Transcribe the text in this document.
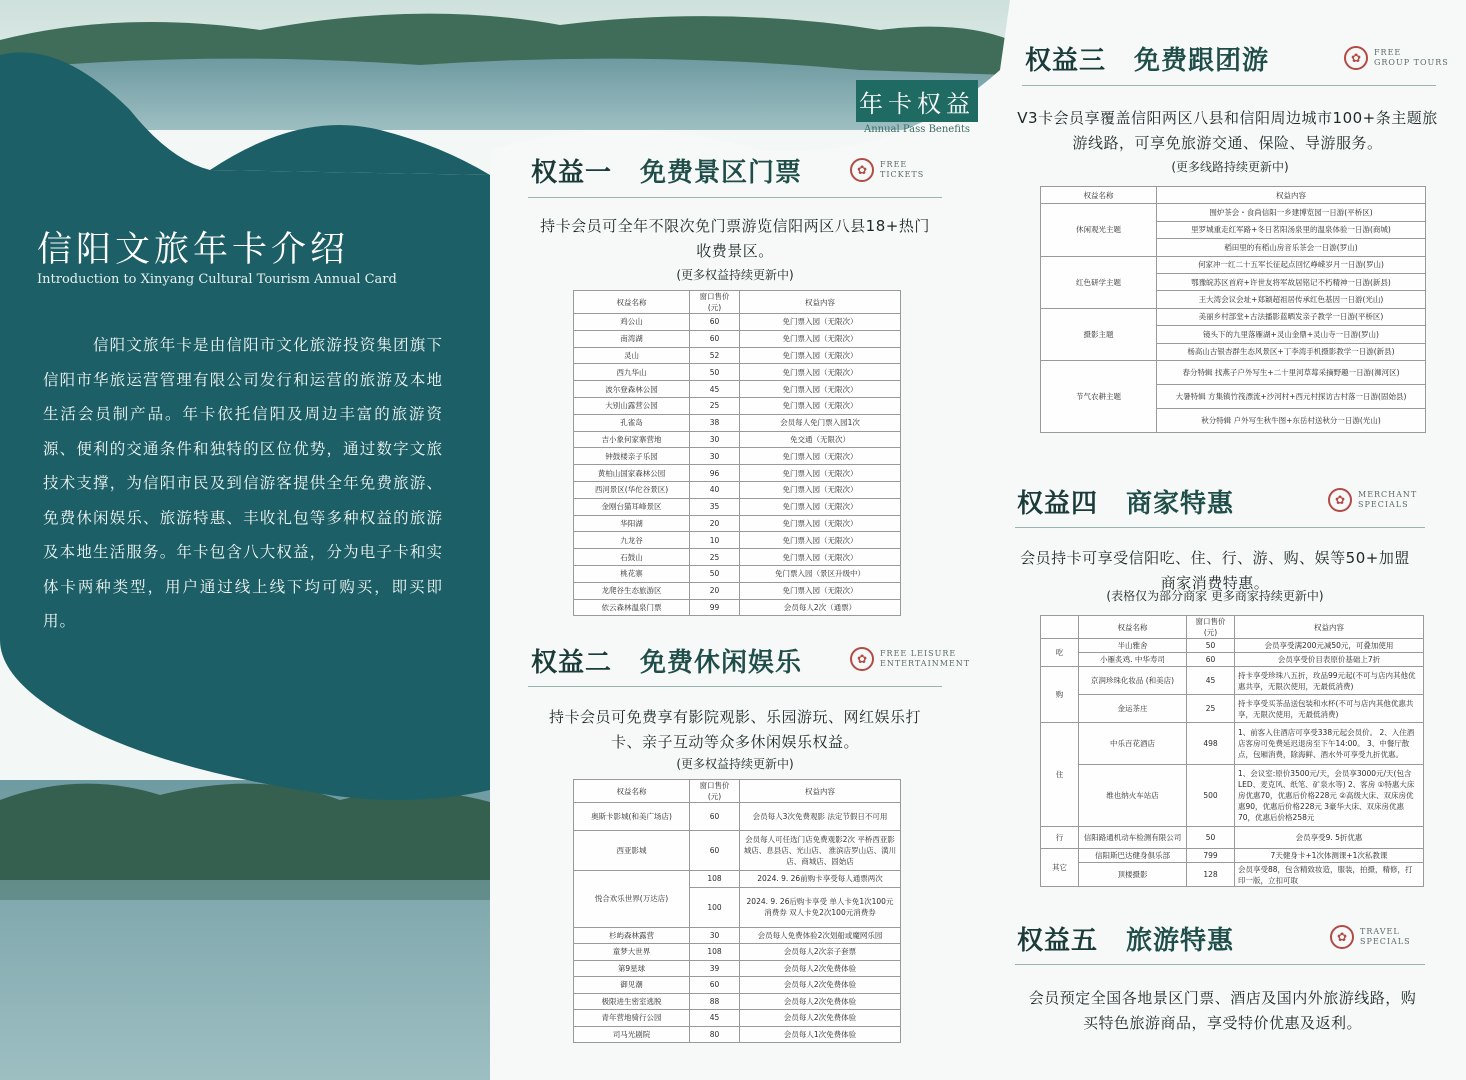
信阳文旅年卡介绍
Introduction to Xinyang Cultural Tourism Annual Card
信阳文旅年卡是由信阳市文化旅游投资集团旗下信阳市华旅运营管理有限公司发行和运营的旅游及本地生活会员制产品。年卡依托信阳及周边丰富的旅游资源、便利的交通条件和独特的区位优势，通过数字文旅技术支撑，为信阳市民及到信游客提供全年免费旅游、免费休闲娱乐、旅游特惠、丰收礼包等多种权益的旅游及本地生活服务。年卡包含八大权益，分为电子卡和实体卡两种类型，用户通过线上线下均可购买，即买即用。
年卡权益
Annual Pass Benefits
权益一 免费景区门票	✿	FREE
TICKETS
持卡会员可全年不限次免门票游览信阳两区八县18+热门收费景区。
(更多权益持续更新中)
权益名称	窗口售价(元)	权益内容
鸡公山	60	免门票入园（无限次）
南湾湖	60	免门票入园（无限次）
灵山	52	免门票入园（无限次）
西九华山	50	免门票入园（无限次）
波尔登森林公园	45	免门票入园（无限次）
大别山露营公园	25	免门票入园（无限次）
孔雀岛	38	会员每人免门票入园1次
吉小象何家寨营地	30	免交通（无限次）
钟鼓楼亲子乐园	30	免门票入园（无限次）
黄柏山国家森林公园	96	免门票入园（无限次）
西河景区(华佗谷景区)	40	免门票入园（无限次）
金刚台猫耳峰景区	35	免门票入园（无限次）
华阳湖	20	免门票入园（无限次）
九龙谷	10	免门票入园（无限次）
石鼓山	25	免门票入园（无限次）
桃花寨	50	免门票入园（景区升级中）
龙爬谷生态旅游区	20	免门票入园（无限次）
依云森林温泉门票	99	会员每人2次（通票）
权益二 免费休闲娱乐	✿	FREE LEISURE
ENTERTAINMENT
持卡会员可免费享有影院观影、乐园游玩、网红娱乐打卡、亲子互动等众多休闲娱乐权益。
(更多权益持续更新中)
权益名称	窗口售价(元)	权益内容
奥斯卡影城(和美广场店)	60	会员每人3次免费观影 法定节假日不可用
西亚影城	60	会员每人可任选门店免费观影2次 平桥西亚影城店、息县店、光山店、 淮滨店罗山店、潢川店、商城店、固始店
悦合欢乐世界(万达店)	108	2024. 9. 26前购卡享受每人通票两次
	100	2024. 9. 26后购卡享受 单人卡免1次100元消费券 双人卡免2次100元消费券
杉屿森林露营	30	会员每人免费体验2次划船或魔网乐园
童梦大世界	108	会员每人2次亲子套票
第9星球	39	会员每人2次免费体验
御见潮	60	会员每人2次免费体验
极限进生密室逃脱	88	会员每人2次免费体验
青年营地骑行公园	45	会员每人2次免费体验
司马光剧院	80	会员每人1次免费体验
权益三 免费跟团游	✿	FREE
GROUP TOURS
V3卡会员享覆盖信阳两区八县和信阳周边城市100+条主题旅游线路，可享免旅游交通、保险、导游服务。
(更多线路持续更新中)
权益名称	权益内容
休闲观光主题	围炉茶会・食尚信阳一乡建博览园一日游(平桥区)
	里罗城重走红军路+冬日茗阳汤泉里的温泉体验一日游(商城)
	稻田里的有稻山房音乐茶会一日游(罗山)
红色研学主题	何家冲一红二十五军长征起点回忆峥嵘岁月一日游(罗山)
	鄂豫皖苏区首府+许世友将军故居铭记不朽精神一日游(新县)
	王大湾会议会址+郑颖超祖居传承红色基因一日游(光山)
摄影主题	美丽乡村部堂+古法播影蓝晒发亲子教学一日游(平桥区)
	镜头下的九里落雁湖+灵山金鼎+灵山寺一日游(罗山)
	杨高山古银杏群生态风景区+丁李湾手机摄影教学一日游(新县)
节气农耕主题	春分特辑 找燕子户外写生+二十里河草莓采摘野趣一日游(浉河区)
	大暑特辑 方集镇竹筏漂流+沙河村+西元村探访古村落一日游(固始县)
	秋分特辑 户外写生秋牛图+东岳村送秋分一日游(光山)
权益四 商家特惠	✿	MERCHANT
SPECIALS
会员持卡可享受信阳吃、住、行、游、购、娱等50+加盟商家消费特惠。
(表格仅为部分商家 更多商家持续更新中)
	权益名称	窗口售价(元)	权益内容
吃	半山雅舍	50	会员享受满200元减50元，可叠加使用
	小雁炙鸡. 中华寿司	60	会员享受价目表原价基础上7折
购	京润珍珠化妆品 (和美店)	45	持卡享受珍珠八五折，玫品99元起(不可与店内其他优惠共享，无限次使用，无最低消费)
	金运茶庄	25	持卡享受买茶品送包装和水杯(不可与店内其他优惠共享，无限次使用，无最低消费)
住	中乐百花酒店	498	1、前客入住酒店可享受338元起会员价。 2、入住酒店客房可免费延迟退房至下午14:00。 3、中餐厅散点，包厢消费，除海鲜、酒水外可享受九折优惠。
	维也纳火车站店	500	1、会议室:原价3500元/天，会员享3000元/天(包含LED、麦克风、纸笔、矿泉水等) 2、客房 ①特惠大床房优惠70，优惠后价格228元 ②高级大床、双床房优惠90，优惠后价格228元 3豪华大床、双床房优惠70，优惠后价格258元
行	信阳路通机动车检测有限公司	50	会员享受9. 5折优惠
其它	信阳斯巴达健身俱乐部	799	7天健身卡+1次体测课+1次私教课
	顶楼摄影	128	会员享受88，包含精致妆造，服装，拍摄，精修，打印一版，立扣可取
权益五 旅游特惠	✿	TRAVEL
SPECIALS
会员预定全国各地景区门票、酒店及国内外旅游线路，购买特色旅游商品，享受特价优惠及返利。
